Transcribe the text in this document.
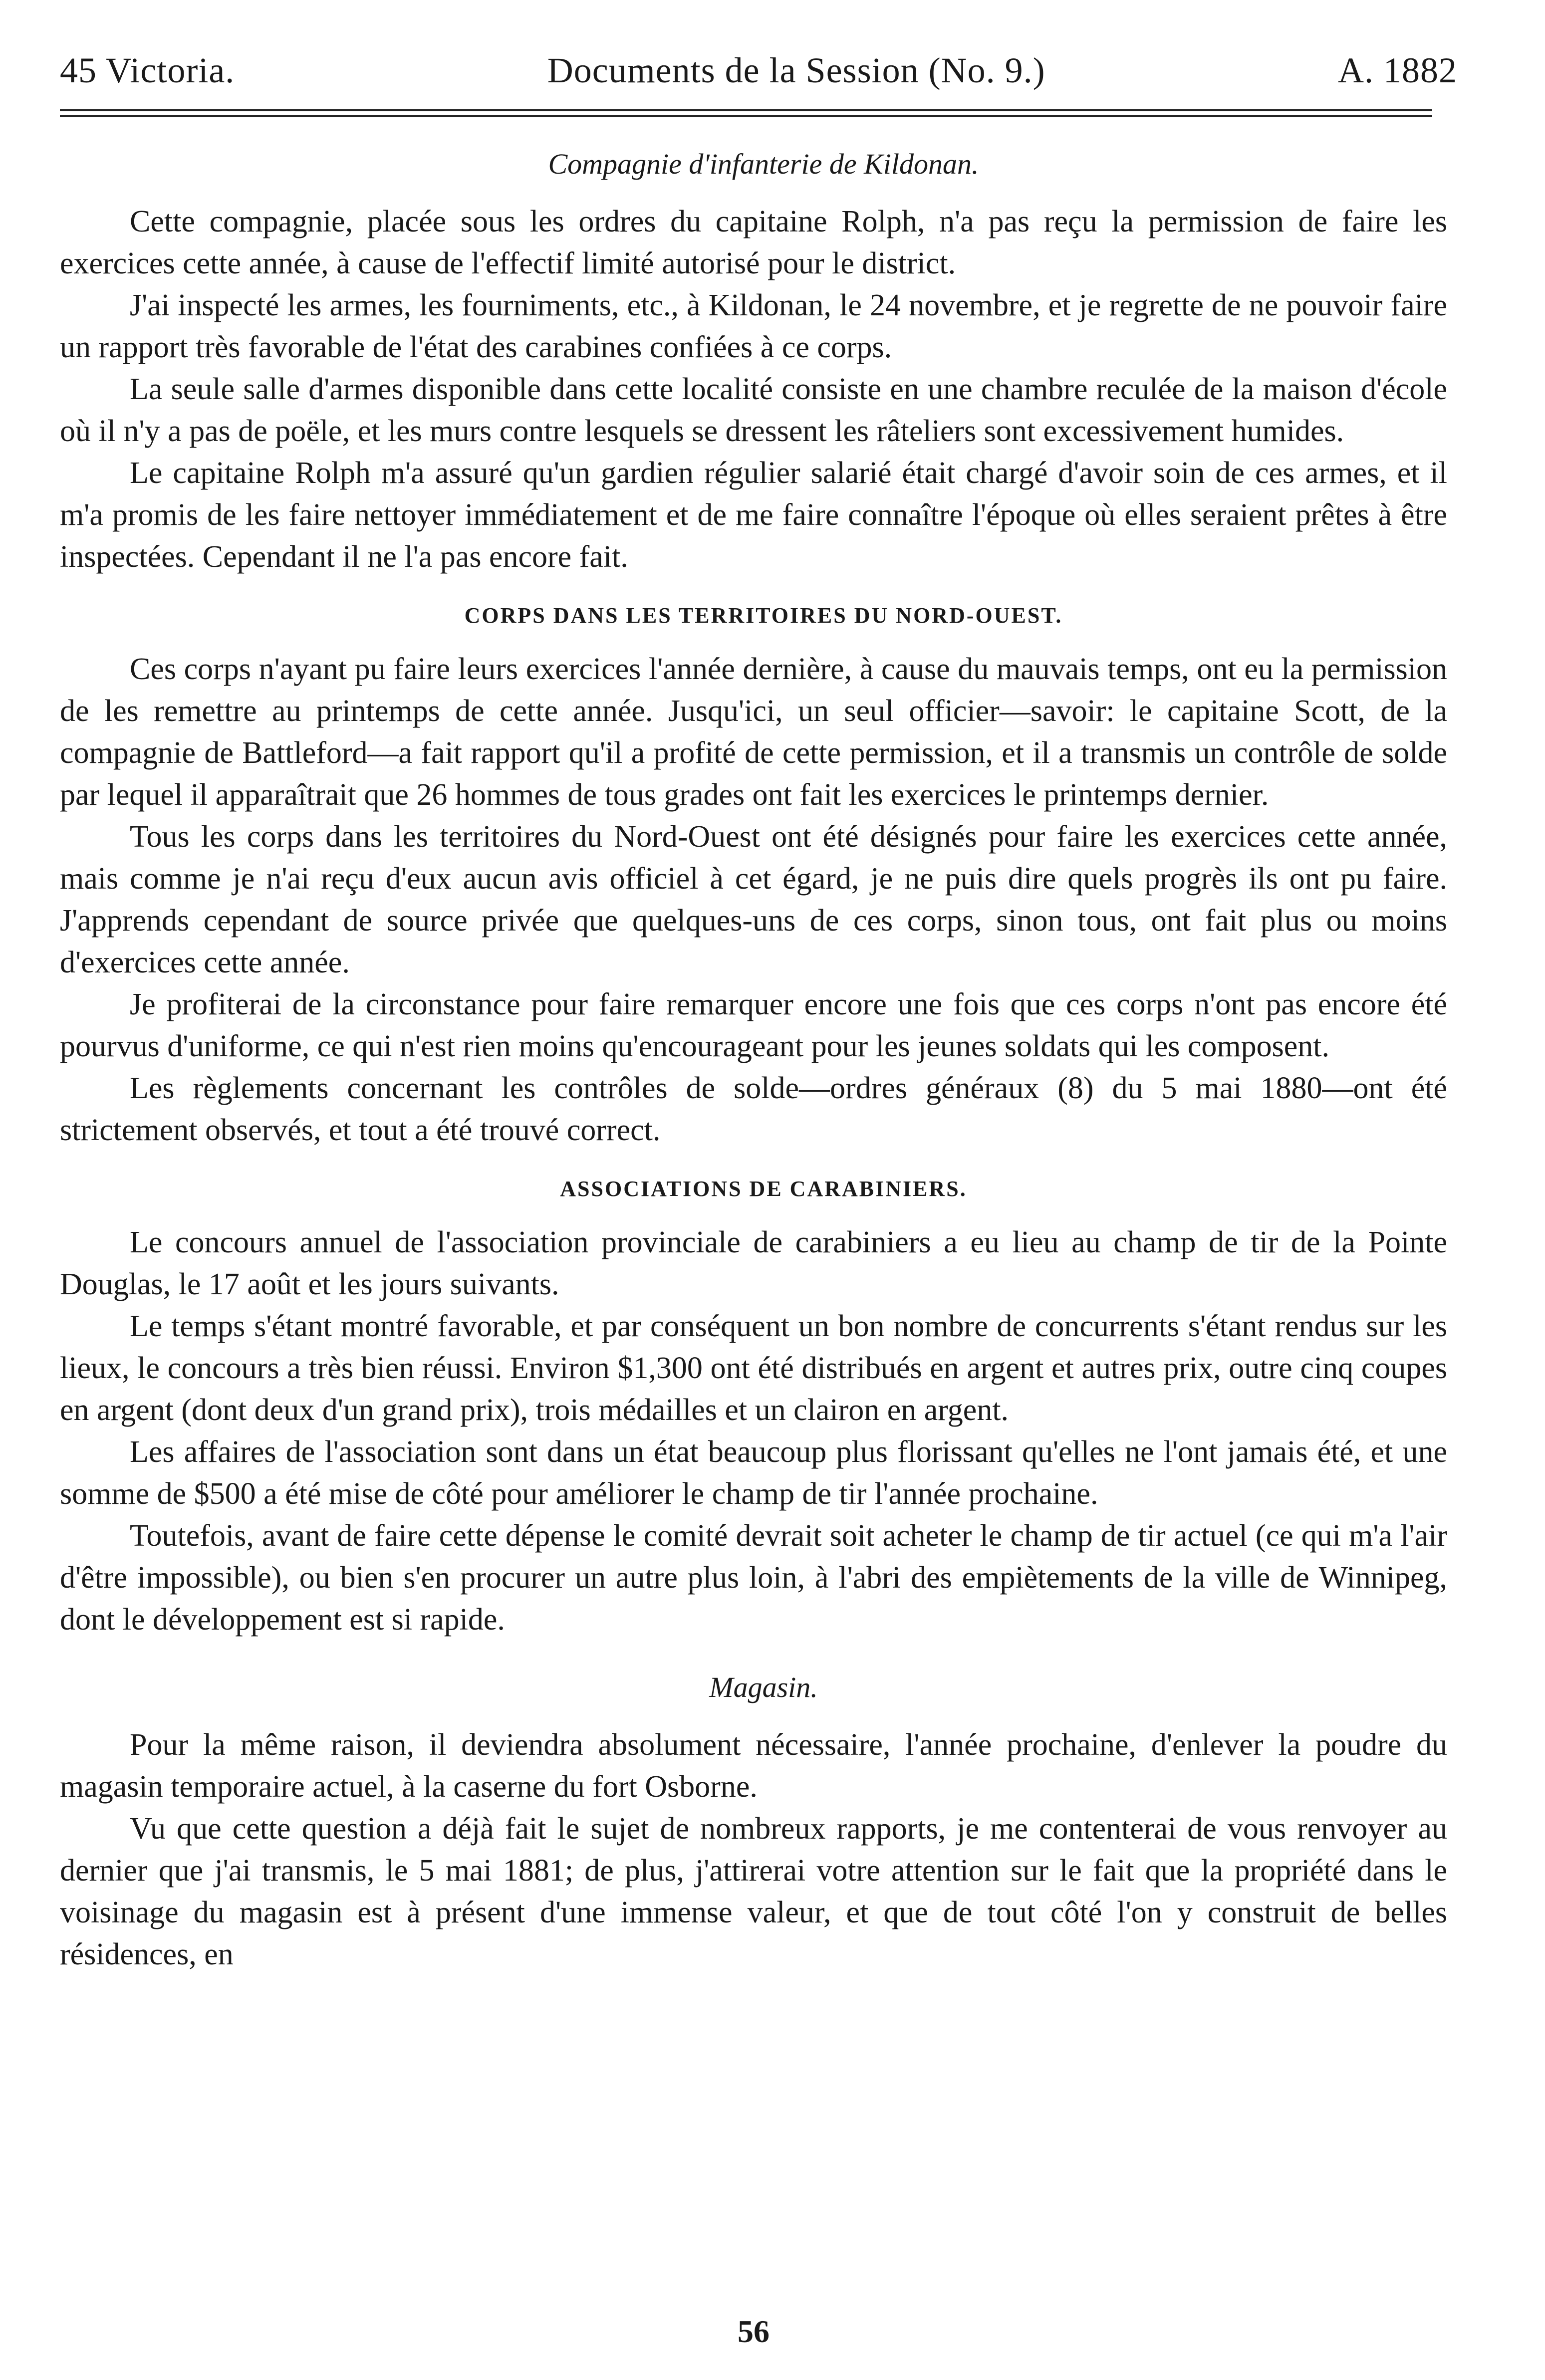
45 Victoria.	Documents de la Session (No. 9.)	A. 1882
Compagnie d'infanterie de Kildonan.

Cette compagnie, placée sous les ordres du capitaine Rolph, n'a pas reçu la permission de faire les exercices cette année, à cause de l'effectif limité autorisé pour le district.

J'ai inspecté les armes, les fourniments, etc., à Kildonan, le 24 novembre, et je regrette de ne pouvoir faire un rapport très favorable de l'état des carabines confiées à ce corps.

La seule salle d'armes disponible dans cette localité consiste en une chambre reculée de la maison d'école où il n'y a pas de poële, et les murs contre lesquels se dressent les râteliers sont excessivement humides.

Le capitaine Rolph m'a assuré qu'un gardien régulier salarié était chargé d'avoir soin de ces armes, et il m'a promis de les faire nettoyer immédiatement et de me faire connaître l'époque où elles seraient prêtes à être inspectées. Cependant il ne l'a pas encore fait.

CORPS DANS LES TERRITOIRES DU NORD-OUEST.

Ces corps n'ayant pu faire leurs exercices l'année dernière, à cause du mauvais temps, ont eu la permission de les remettre au printemps de cette année. Jusqu'ici, un seul officier—savoir: le capitaine Scott, de la compagnie de Battleford—a fait rapport qu'il a profité de cette permission, et il a transmis un contrôle de solde par lequel il apparaîtrait que 26 hommes de tous grades ont fait les exercices le printemps dernier.

Tous les corps dans les territoires du Nord-Ouest ont été désignés pour faire les exercices cette année, mais comme je n'ai reçu d'eux aucun avis officiel à cet égard, je ne puis dire quels progrès ils ont pu faire. J'apprends cependant de source privée que quelques-uns de ces corps, sinon tous, ont fait plus ou moins d'exercices cette année.

Je profiterai de la circonstance pour faire remarquer encore une fois que ces corps n'ont pas encore été pourvus d'uniforme, ce qui n'est rien moins qu'encourageant pour les jeunes soldats qui les composent.

Les règlements concernant les contrôles de solde—ordres généraux (8) du 5 mai 1880—ont été strictement observés, et tout a été trouvé correct.

ASSOCIATIONS DE CARABINIERS.

Le concours annuel de l'association provinciale de carabiniers a eu lieu au champ de tir de la Pointe Douglas, le 17 août et les jours suivants.

Le temps s'étant montré favorable, et par conséquent un bon nombre de concurrents s'étant rendus sur les lieux, le concours a très bien réussi. Environ $1,300 ont été distribués en argent et autres prix, outre cinq coupes en argent (dont deux d'un grand prix), trois médailles et un clairon en argent.

Les affaires de l'association sont dans un état beaucoup plus florissant qu'elles ne l'ont jamais été, et une somme de $500 a été mise de côté pour améliorer le champ de tir l'année prochaine.

Toutefois, avant de faire cette dépense le comité devrait soit acheter le champ de tir actuel (ce qui m'a l'air d'être impossible), ou bien s'en procurer un autre plus loin, à l'abri des empiètements de la ville de Winnipeg, dont le développement est si rapide.

Magasin.

Pour la même raison, il deviendra absolument nécessaire, l'année prochaine, d'enlever la poudre du magasin temporaire actuel, à la caserne du fort Osborne.

Vu que cette question a déjà fait le sujet de nombreux rapports, je me contenterai de vous renvoyer au dernier que j'ai transmis, le 5 mai 1881; de plus, j'attirerai votre attention sur le fait que la propriété dans le voisinage du magasin est à présent d'une immense valeur, et que de tout côté l'on y construit de belles résidences, en

56
